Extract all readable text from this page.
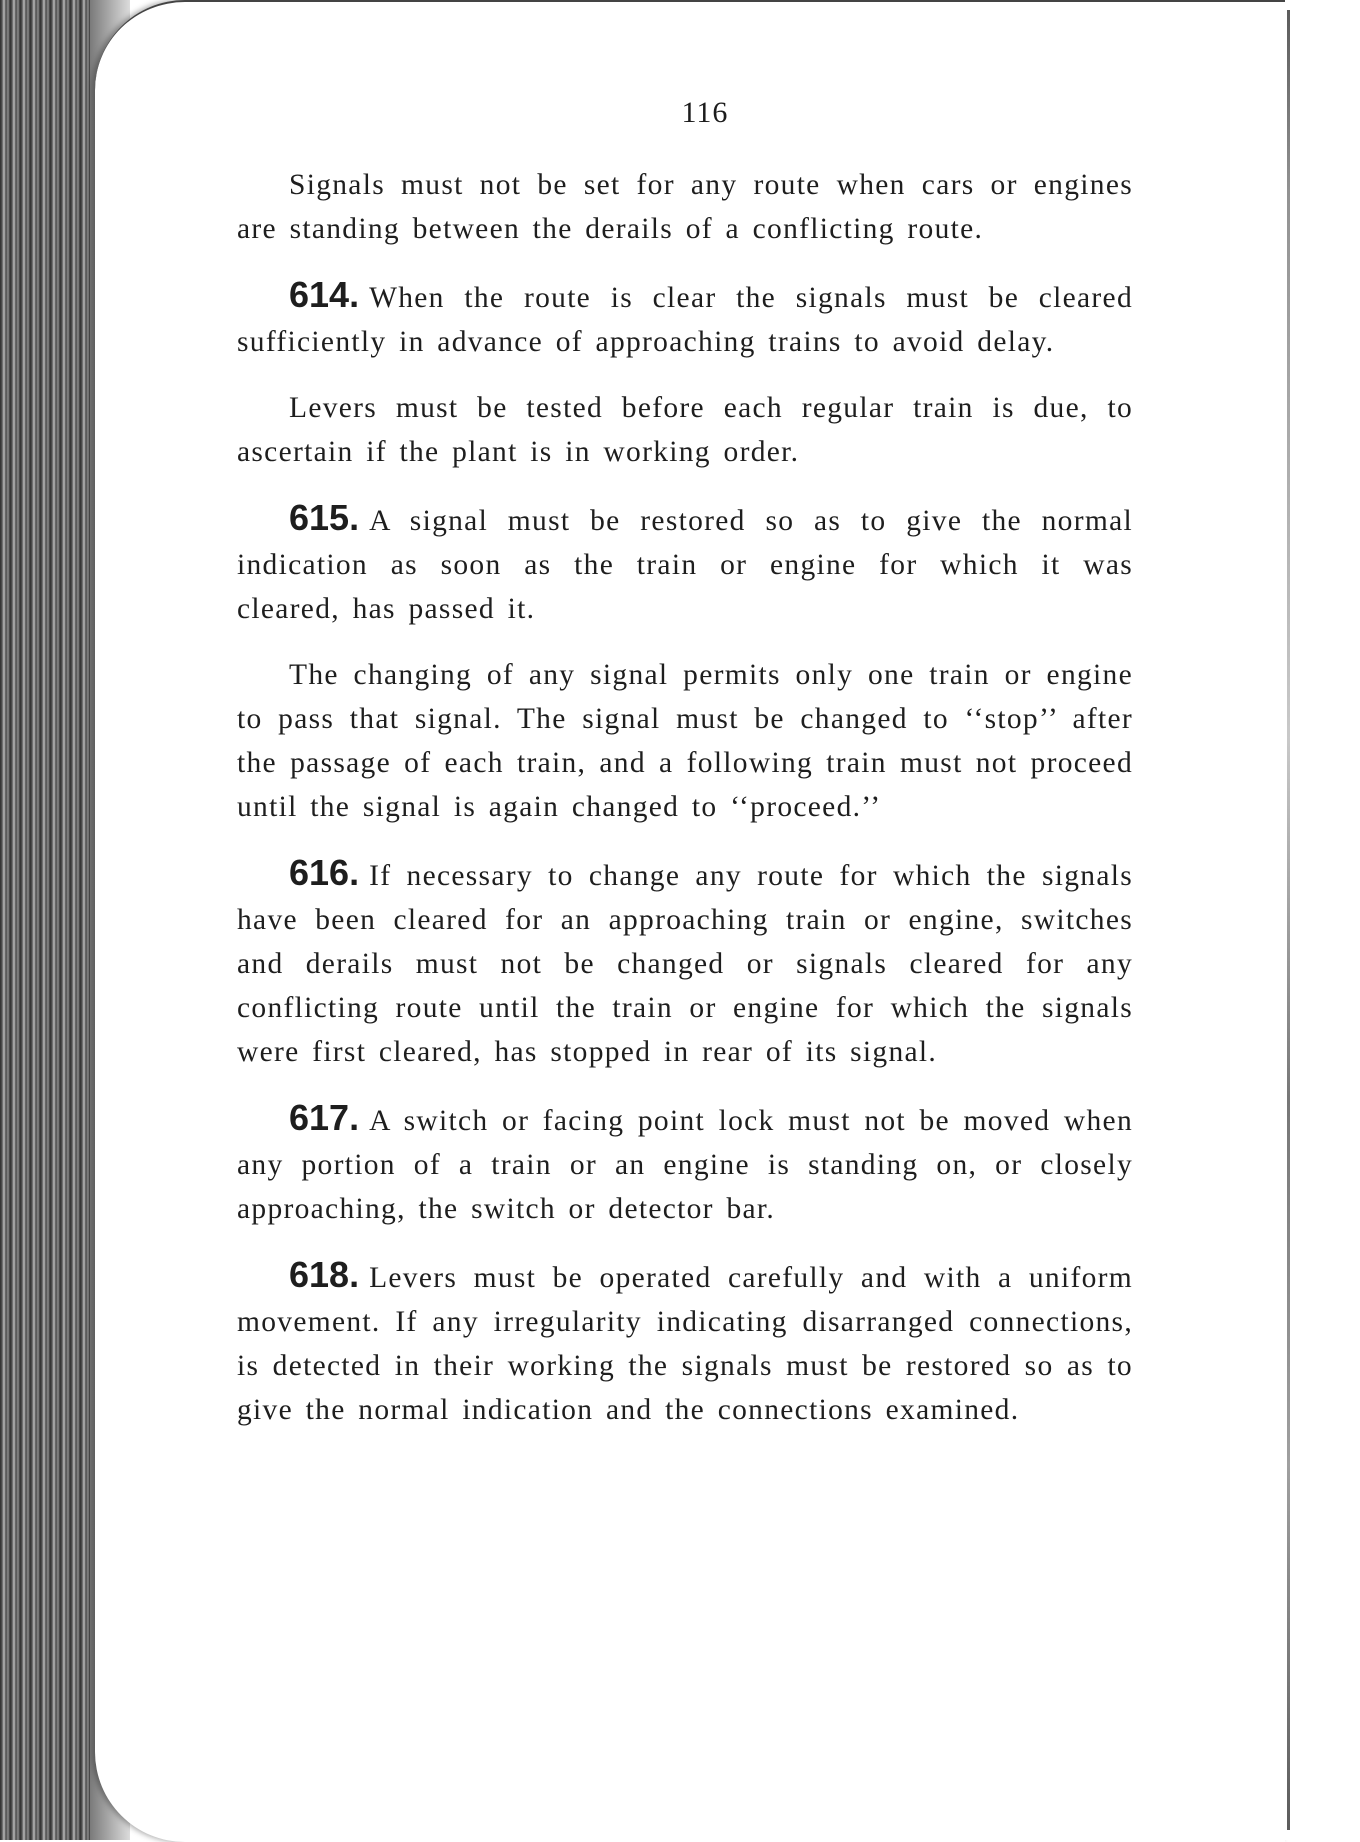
116

Signals must not be set for any route when cars or engines are standing between the derails of a conflicting route.

614. When the route is clear the signals must be cleared sufficiently in advance of approaching trains to avoid delay.

Levers must be tested before each regular train is due, to ascertain if the plant is in working order.

615. A signal must be restored so as to give the normal indication as soon as the train or engine for which it was cleared, has passed it.

The changing of any signal permits only one train or engine to pass that signal. The signal must be changed to ‘‘stop’’ after the passage of each train, and a following train must not proceed until the signal is again changed to ‘‘proceed.’’

616. If necessary to change any route for which the signals have been cleared for an approaching train or engine, switches and derails must not be changed or signals cleared for any conflicting route until the train or engine for which the signals were first cleared, has stopped in rear of its signal.

617. A switch or facing point lock must not be moved when any portion of a train or an engine is standing on, or closely approaching, the switch or detector bar.

618. Levers must be operated carefully and with a uniform movement. If any irregularity indicating disarranged connections, is detected in their working the signals must be restored so as to give the normal indication and the connections examined.
